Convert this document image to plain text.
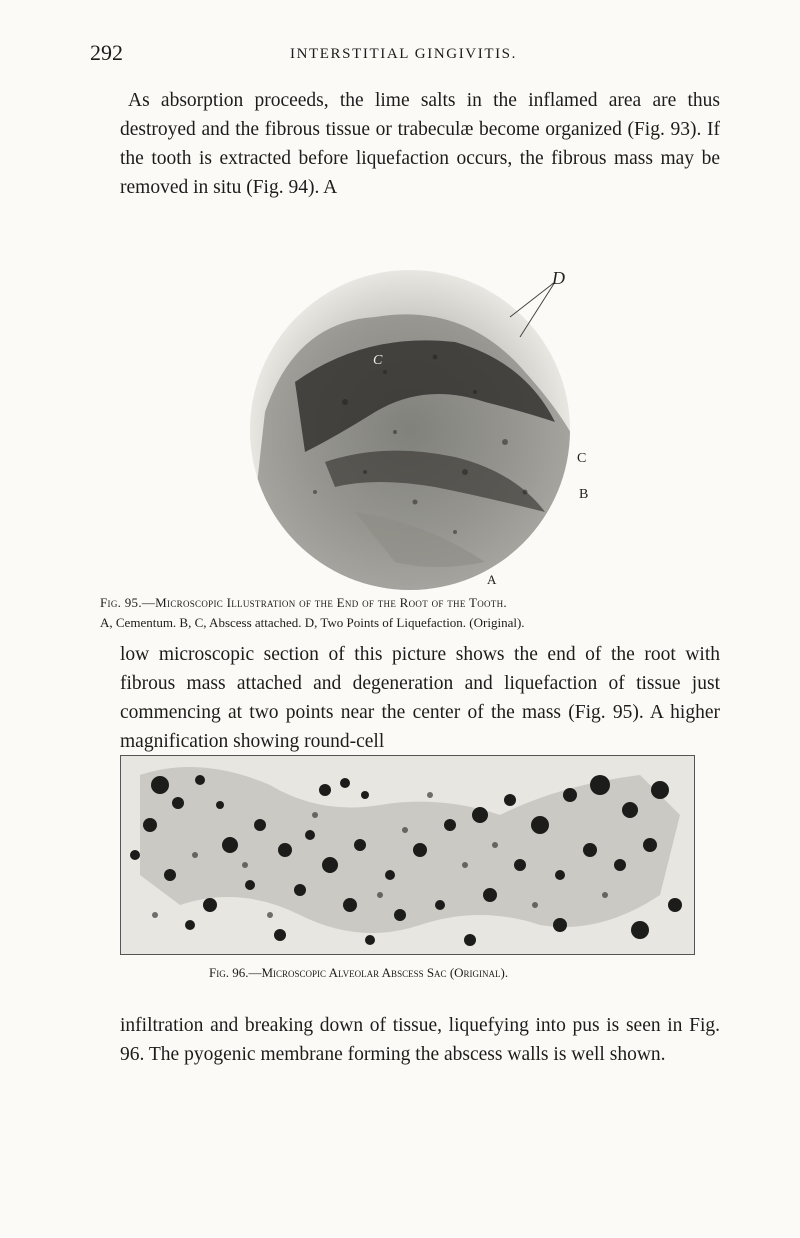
292	INTERSTITIAL GINGIVITIS.

As absorption proceeds, the lime salts in the inflamed area are thus destroyed and the fibrous tissue or trabeculæ become organized (Fig. 93). If the tooth is extracted before liquefaction occurs, the fibrous mass may be removed in situ (Fig. 94). A

D
C
C
B
A
Fig. 95.—Microscopic Illustration of the End of the Root of the Tooth.
A, Cementum. B, C, Abscess attached. D, Two Points of Liquefaction. (Original).

low microscopic section of this picture shows the end of the root with fibrous mass attached and degeneration and liquefaction of tissue just commencing at two points near the center of the mass (Fig. 95). A higher magnification showing round-cell

Fig. 96.—Microscopic Alveolar Abscess Sac (Original).

infiltration and breaking down of tissue, liquefying into pus is seen in Fig. 96. The pyogenic membrane forming the abscess walls is well shown.
